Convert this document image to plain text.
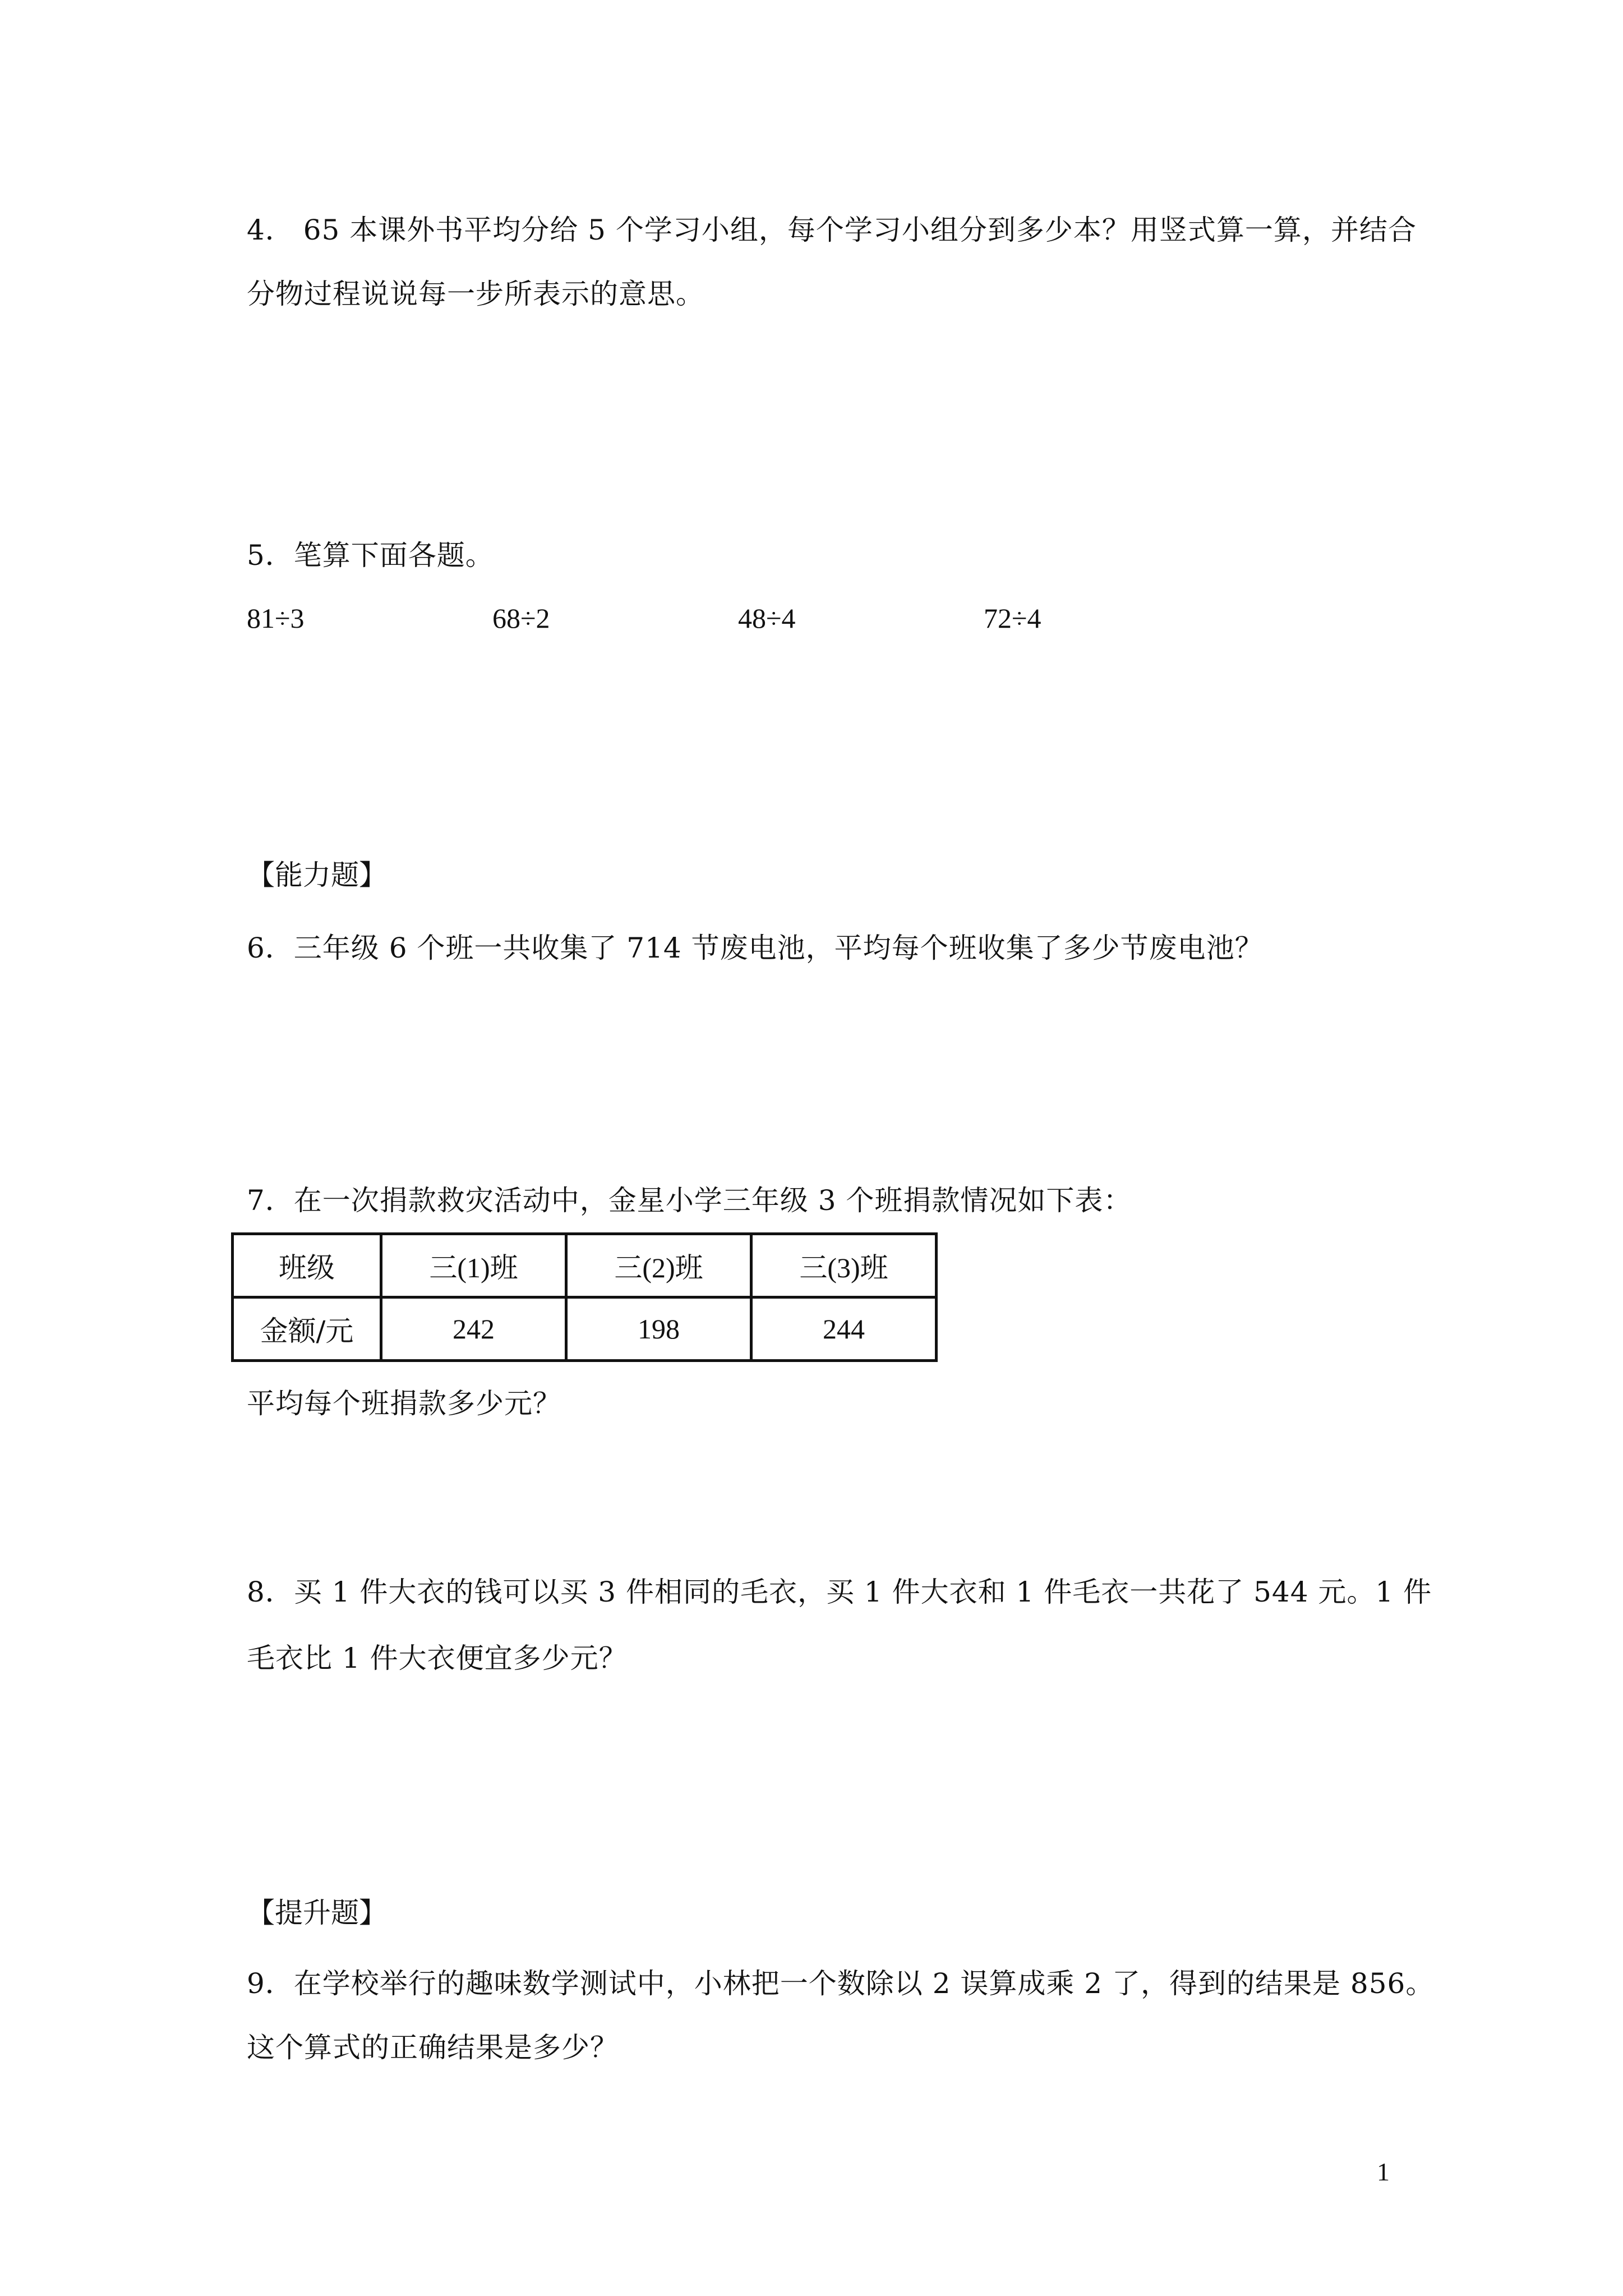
4． 65 本课外书平均分给 5 个学习小组，每个学习小组分到多少本？用竖式算一算，并结合
分物过程说说每一步所表示的意思。
5．笔算下面各题。
81÷3	68÷2	48÷4	72÷4
【能力题】
6．三年级 6 个班一共收集了 714 节废电池，平均每个班收集了多少节废电池？
7．在一次捐款救灾活动中，金星小学三年级 3 个班捐款情况如下表：
班级	三(1)班	三(2)班	三(3)班
金额/元	242	198	244
平均每个班捐款多少元？
8．买 1 件大衣的钱可以买 3 件相同的毛衣，买 1 件大衣和 1 件毛衣一共花了 544 元。1 件
毛衣比 1 件大衣便宜多少元？
【提升题】
9．在学校举行的趣味数学测试中，小林把一个数除以 2 误算成乘 2 了，得到的结果是 856。
这个算式的正确结果是多少？
1
